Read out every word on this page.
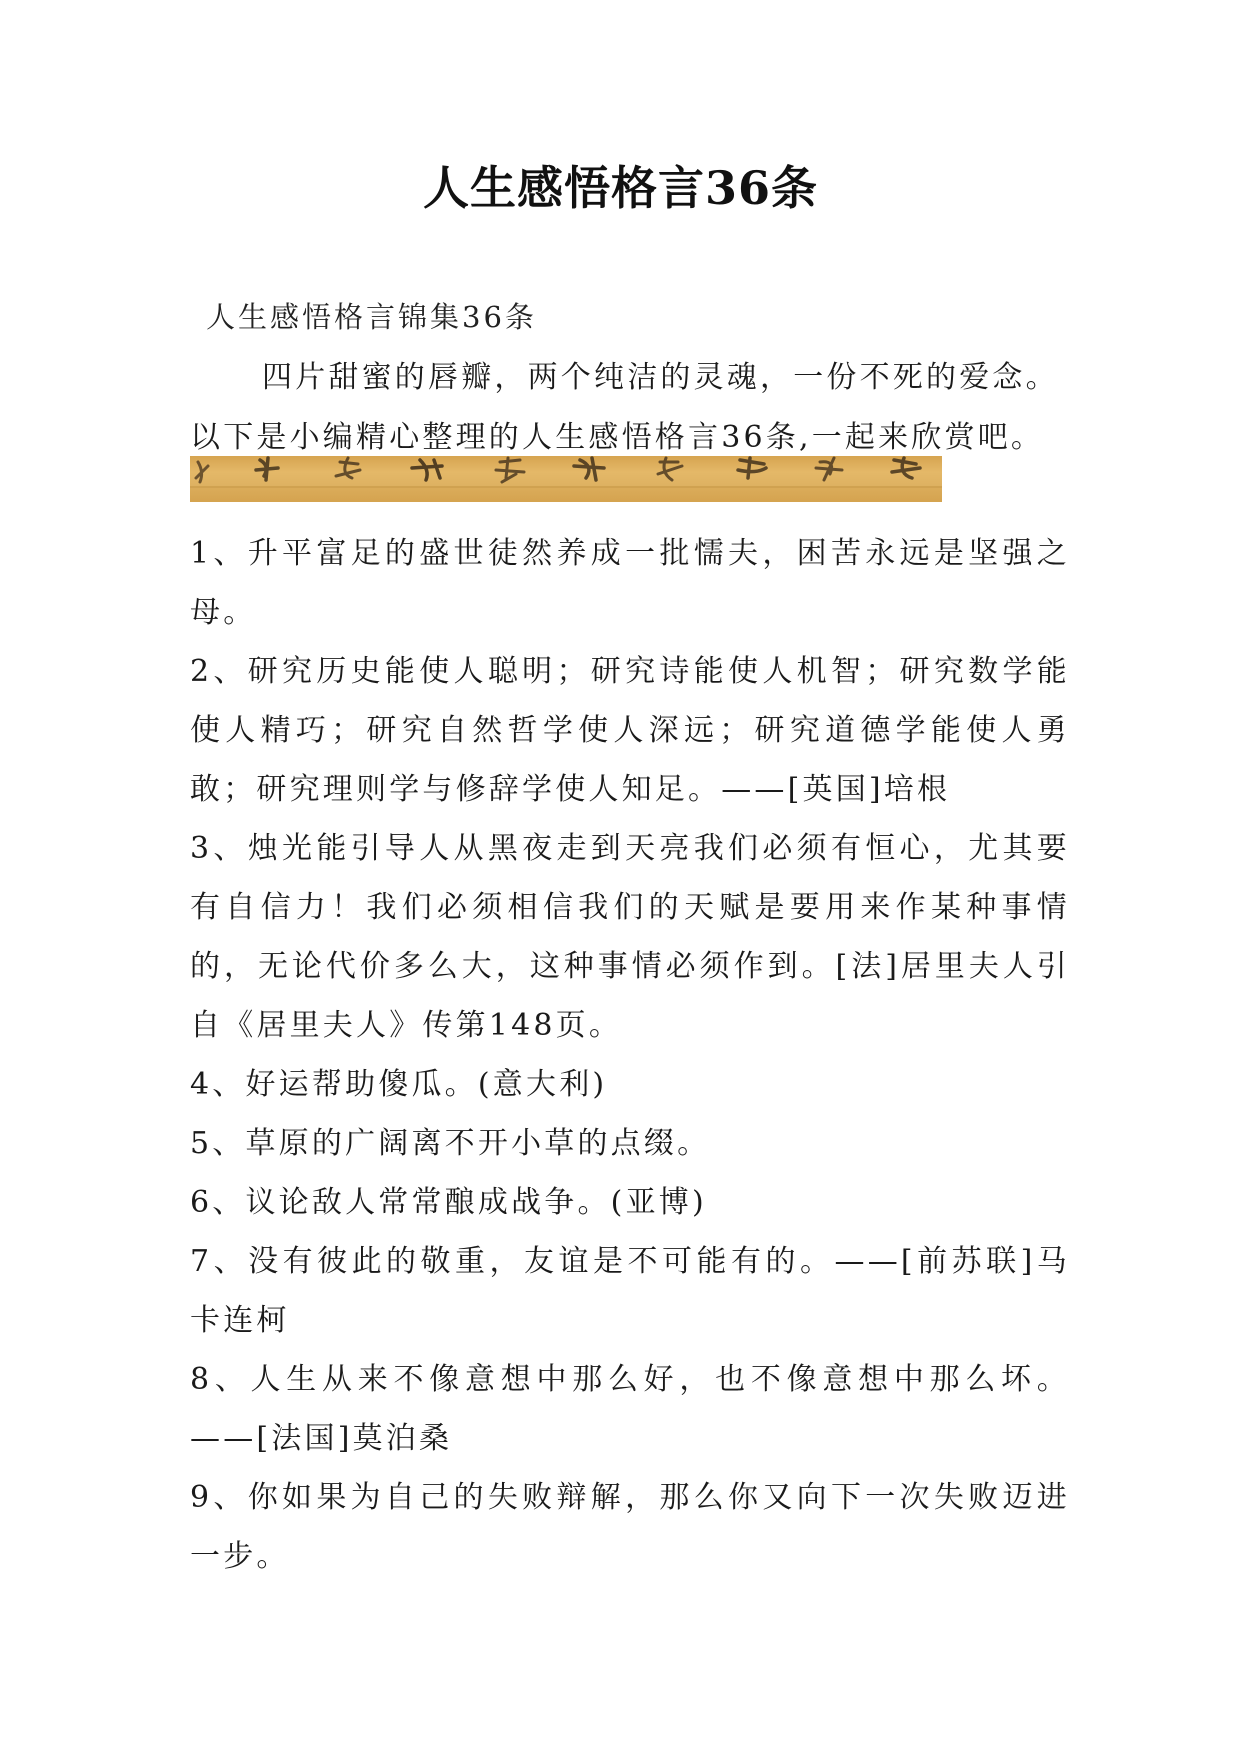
人生感悟格言36条
人生感悟格言锦集36条

四片甜蜜的唇瓣，两个纯洁的灵魂，一份不死的爱念。以下是小编精心整理的人生感悟格言36条,一起来欣赏吧。

1、升平富足的盛世徒然养成一批懦夫，困苦永远是坚强之母。
2、研究历史能使人聪明；研究诗能使人机智；研究数学能使人精巧；研究自然哲学使人深远；研究道德学能使人勇敢；研究理则学与修辞学使人知足。——[英国]培根
3、烛光能引导人从黑夜走到天亮我们必须有恒心，尤其要有自信力！我们必须相信我们的天赋是要用来作某种事情的，无论代价多么大，这种事情必须作到。[法]居里夫人引自《居里夫人》传第148页。
4、好运帮助傻瓜。(意大利)
5、草原的广阔离不开小草的点缀。
6、议论敌人常常酿成战争。(亚博)
7、没有彼此的敬重，友谊是不可能有的。——[前苏联]马卡连柯
8、人生从来不像意想中那么好，也不像意想中那么坏。——[法国]莫泊桑
9、你如果为自己的失败辩解，那么你又向下一次失败迈进一步。
